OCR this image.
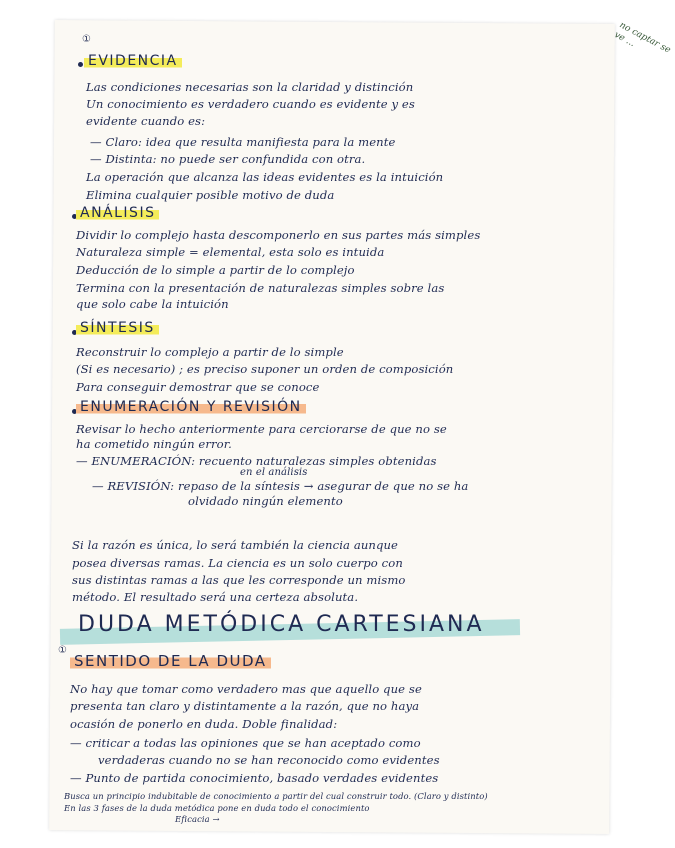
①	no captar se ve ...
EVIDENCIA
Las condiciones necesarias son la claridad y distinción
Un conocimiento es verdadero cuando es evidente y es
evidente cuando es:
— Claro: idea que resulta manifiesta para la mente
— Distinta: no puede ser confundida con otra.
La operación que alcanza las ideas evidentes es la intuición
Elimina cualquier posible motivo de duda
ANÁLISIS
Dividir lo complejo hasta descomponerlo en sus partes más simples
Naturaleza simple = elemental, esta solo es intuida
Deducción de lo simple a partir de lo complejo
Termina con la presentación de naturalezas simples sobre las
que solo cabe la intuición
SÍNTESIS
Reconstruir lo complejo a partir de lo simple
(Si es necesario) ; es preciso suponer un orden de composición
Para conseguir demostrar que se conoce
ENUMERACIÓN Y REVISIÓN
Revisar lo hecho anteriormente para cerciorarse de que no se
ha cometido ningún error.
— ENUMERACIÓN: recuento naturalezas simples obtenidas
en el análisis
— REVISIÓN: repaso de la síntesis → asegurar de que no se ha
olvidado ningún elemento
Si la razón es única, lo será también la ciencia aunque
posea diversas ramas. La ciencia es un solo cuerpo con
sus distintas ramas a las que les corresponde un mismo
método. El resultado será una certeza absoluta.
DUDA METÓDICA CARTESIANA
①
SENTIDO DE LA DUDA
No hay que tomar como verdadero mas que aquello que se
presenta tan claro y distintamente a la razón, que no haya
ocasión de ponerlo en duda. Doble finalidad:
— criticar a todas las opiniones que se han aceptado como
verdaderas cuando no se han reconocido como evidentes
— Punto de partida conocimiento, basado verdades evidentes
Busca un principio indubitable de conocimiento a partir del cual construir todo. (Claro y distinto)
En las 3 fases de la duda metódica pone en duda todo el conocimiento
Eficacia →
